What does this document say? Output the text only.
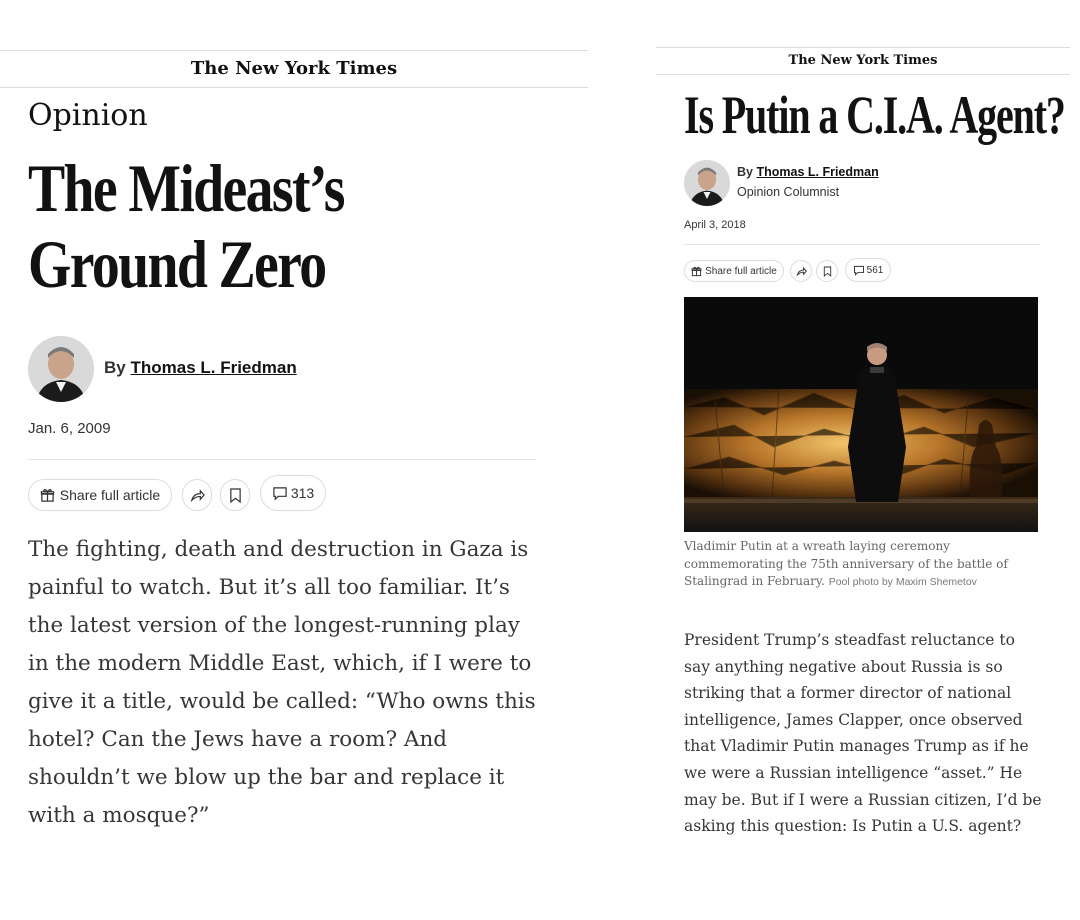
The New York Times
Opinion
The Mideast’s
Ground Zero
By Thomas L. Friedman
Jan. 6, 2009
Share full article	313

The fighting, death and destruction in Gaza is painful to watch. But it’s all too familiar. It’s the latest version of the longest-running play in the modern Middle East, which, if I were to give it a title, would be called: “Who owns this hotel? Can the Jews have a room? And shouldn’t we blow up the bar and replace it with a mosque?”

The New York Times
Is Putin a C.I.A. Agent?
By Thomas L. Friedman
Opinion Columnist
April 3, 2018
Share full article	561

Vladimir Putin at a wreath laying ceremony commemorating the 75th anniversary of the battle of Stalingrad in February. Pool photo by Maxim Shemetov

President Trump’s steadfast reluctance to say anything negative about Russia is so striking that a former director of national intelligence, James Clapper, once observed that Vladimir Putin manages Trump as if he we were a Russian intelligence “asset.” He may be. But if I were a Russian citizen, I’d be asking this question: Is Putin a U.S. agent?
